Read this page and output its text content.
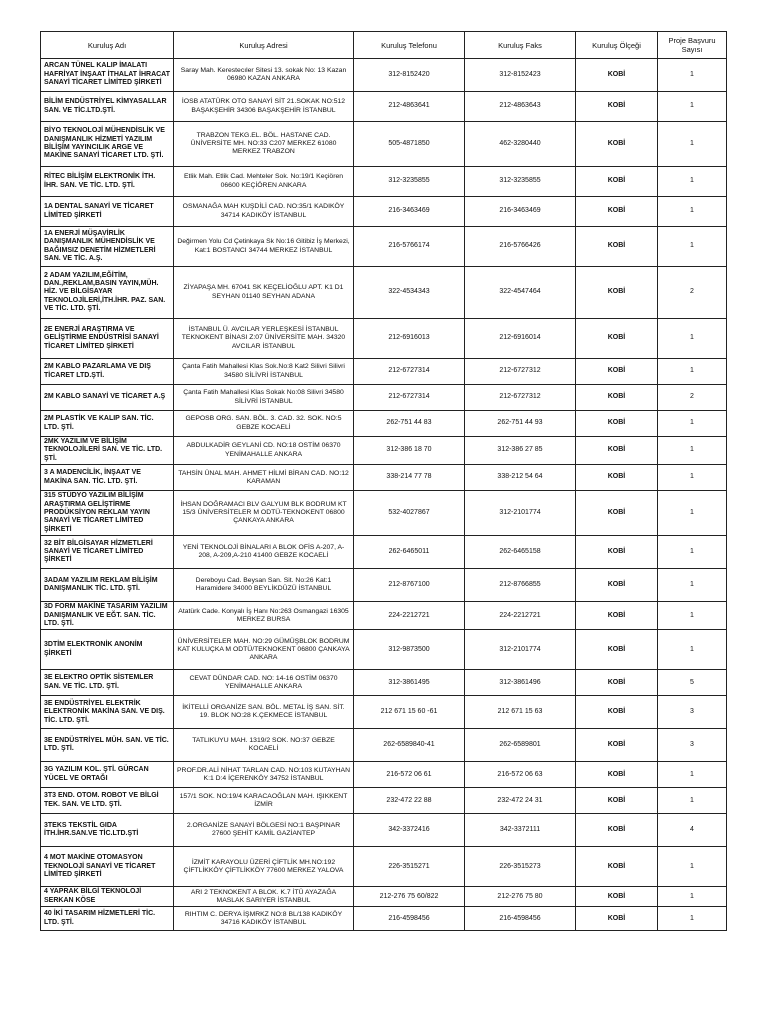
Kuruluş Adı	Kuruluş Adresi	Kuruluş Telefonu	Kuruluş Faks	Kuruluş Ölçeği	Proje Başvuru Sayısı
ARCAN TÜNEL KALIP İMALATI HAFRİYAT İNŞAAT İTHALAT İHRACAT SANAYİ TİCARET LİMİTED ŞİRKETİ	Saray Mah. Kerestecıler Sitesi 13. sokak No: 13 Kazan 06980 KAZAN ANKARA	312-8152420	312-8152423	KOBİ	1
BİLİM ENDÜSTRİYEL KİMYASALLAR SAN. VE TİC.LTD.ŞTİ.	İOSB ATATÜRK OTO SANAYİ SİT 21.SOKAK NO:512 BAŞAKŞEHİR 34306 BAŞAKŞEHİR İSTANBUL	212-4863641	212-4863643	KOBİ	1
BİYO TEKNOLOJİ MÜHENDİSLİK VE DANIŞMANLIK HİZMETİ YAZILIM BİLİŞİM YAYINCILIK ARGE VE MAKİNE SANAYİ TİCARET LTD. ŞTİ.	TRABZON TEKG.EL. BÖL. HASTANE CAD. ÜNİVERSİTE MH. NO:33 C207 MERKEZ 61080 MERKEZ TRABZON	505-4871850	462-3280440	KOBİ	1
RİTEC BİLİŞİM ELEKTRONİK İTH. İHR. SAN. VE TİC. LTD. ŞTİ.	Etlik Mah. Etlik Cad. Mehteler Sok. No:19/1 Keçiören 06600 KEÇİÖREN ANKARA	312-3235855	312-3235855	KOBİ	1
1A DENTAL SANAYİ VE TİCARET LİMİTED ŞİRKETİ	OSMANAĞA MAH KUŞDİLİ CAD. NO:35/1 KADIKÖY 34714 KADIKÖY İSTANBUL	216-3463469	216-3463469	KOBİ	1
1A ENERJİ MÜŞAVİRLİK DANIŞMANLIK MÜHENDİSLİK VE BAĞIMSIZ DENETİM HİZMETLERİ SAN. VE TİC. A.Ş.	Değirmen Yolu Cd Çetinkaya Sk No:16 Gitibiz İş Merkezi, Kat:1 BOSTANCI 34744 MERKEZ İSTANBUL	216-5766174	216-5766426	KOBİ	1
2 ADAM YAZILIM,EĞİTİM, DAN.,REKLAM,BASIN YAYIN,MÜH. HİZ. VE BİLGİSAYAR TEKNOLOJİLERİ,İTH.İHR. PAZ. SAN. VE TİC. LTD. ŞTİ.	ZİYAPAŞA MH. 67041 SK KEÇELİOĞLU APT. K1 D1 SEYHAN 01140 SEYHAN ADANA	322-4534343	322-4547464	KOBİ	2
2E ENERJİ ARAŞTIRMA VE GELİŞTİRME ENDÜSTRİSİ SANAYİ TİCARET LİMİTED ŞİRKETİ	İSTANBUL Ü. AVCILAR YERLEŞKESİ İSTANBUL TEKNOKENT BİNASI Z:07 ÜNİVERSİTE MAH. 34320 AVCILAR İSTANBUL	212-6916013	212-6916014	KOBİ	1
2M KABLO PAZARLAMA VE DIŞ TİCARET LTD.ŞTİ.	Çanta Fatih Mahallesi Klas Sok.No:8 Kat2 Silivri Silivri 34580 SİLİVRİ İSTANBUL	212-6727314	212-6727312	KOBİ	1
2M KABLO SANAYİ VE TİCARET A.Ş	Çanta Fatih Mahallesi Klas Sokak No:08 Silivri 34580 SİLİVRİ İSTANBUL	212-6727314	212-6727312	KOBİ	2
2M PLASTİK VE KALIP SAN. TİC. LTD. ŞTİ.	GEPOSB ORG. SAN. BÖL. 3. CAD. 32. SOK. NO:5 GEBZE KOCAELİ	262-751 44 83	262-751 44 93	KOBİ	1
2MK YAZILIM VE BİLİŞİM TEKNOLOJİLERİ SAN. VE TİC. LTD. ŞTİ.	ABDULKADİR GEYLANİ CD. NO:18 OSTİM 06370 YENİMAHALLE ANKARA	312-386 18 70	312-386 27 85	KOBİ	1
3 A MADENCİLİK, İNŞAAT VE MAKİNA SAN. TİC. LTD. ŞTİ.	TAHSİN ÜNAL MAH. AHMET HİLMİ BİRAN CAD. NO:12 KARAMAN	338-214 77 78	338-212 54 64	KOBİ	1
315 STÜDYO YAZILIM BİLİŞİM ARAŞTIRMA GELİŞTİRME PRODÜKSİYON REKLAM YAYIN SANAYİ VE TİCARET LİMİTED ŞİRKETİ	İHSAN DOĞRAMACI BLV GALYUM BLK BODRUM KT 15/3 ÜNİVERSİTELER M ODTÜ-TEKNOKENT 06800 ÇANKAYA ANKARA	532-4027867	312-2101774	KOBİ	1
32 BİT BİLGİSAYAR HİZMETLERİ SANAYİ VE TİCARET LİMİTED ŞİRKETİ	YENİ TEKNOLOJİ BİNALARI A BLOK OFİS A-207, A-208, A-209,A-210 41400 GEBZE KOCAELİ	262-6465011	262-6465158	KOBİ	1
3ADAM YAZILIM REKLAM BİLİŞİM DANIŞMANLIK TİC. LTD. ŞTİ.	Dereboyu Cad. Beysan San. Sit. No:26 Kat:1 Haramidere 34000 BEYLİKDÜZÜ İSTANBUL	212-8767100	212-8766855	KOBİ	1
3D FORM MAKİNE TASARIM YAZILIM DANIŞMANLIK VE EĞT. SAN. TİC. LTD. ŞTİ.	Atatürk Cade. Konyalı İş Hanı No:263 Osmangazi 16305 MERKEZ BURSA	224-2212721	224-2212721	KOBİ	1
3DTİM ELEKTRONİK ANONİM ŞİRKETİ	ÜNİVERSİTELER MAH. NO:29 GÜMÜŞBLOK BODRUM KAT KULUÇKA M ODTÜ/TEKNOKENT 06800 ÇANKAYA ANKARA	312-9873500	312-2101774	KOBİ	1
3E ELEKTRO OPTİK SİSTEMLER SAN. VE TİC. LTD. ŞTİ.	CEVAT DÜNDAR CAD. NO: 14-16 OSTİM 06370 YENİMAHALLE ANKARA	312-3861495	312-3861496	KOBİ	5
3E ENDÜSTRİYEL ELEKTRİK ELEKTRONİK MAKİNA SAN. VE DIŞ. TİC. LTD. ŞTİ.	İKİTELLİ ORGANİZE SAN. BÖL. METAL İŞ SAN. SİT. 19. BLOK NO:28 K.ÇEKMECE İSTANBUL	212 671 15 60 -61	212 671 15 63	KOBİ	3
3E ENDÜSTRİYEL MÜH. SAN. VE TİC. LTD. ŞTİ.	TATLIKUYU MAH. 1319/2 SOK. NO:37 GEBZE KOCAELİ	262-6589840-41	262-6589801	KOBİ	3
3G YAZILIM KOL. ŞTİ. GÜRCAN YÜCEL VE ORTAĞI	PROF.DR.ALİ NİHAT TARLAN CAD. NO:103 KUTAYHAN K:1 D:4 İÇERENKÖY 34752 İSTANBUL	216-572 06 61	216-572 06 63	KOBİ	1
3T3 END. OTOM. ROBOT VE BİLGİ TEK. SAN. VE LTD. ŞTİ.	157/1 SOK. NO:19/4 KARACAOĞLAN MAH. IŞIKKENT İZMİR	232-472 22 88	232-472 24 31	KOBİ	1
3TEKS TEKSTİL GIDA İTH.İHR.SAN.VE TİC.LTD.ŞTİ	2.ORGANİZE SANAYİ BÖLGESİ NO:1 BAŞPINAR 27600 ŞEHİT KAMİL GAZİANTEP	342-3372416	342-3372111	KOBİ	4
4 MOT MAKİNE OTOMASYON TEKNOLOJİ SANAYİ VE TİCARET LİMİTED ŞİRKETİ	İZMİT KARAYOLU ÜZERİ ÇİFTLİK MH.NO:192 ÇİFTLİKKÖY ÇİFTLİKKÖY 77600 MERKEZ YALOVA	226-3515271	226-3515273	KOBİ	1
4 YAPRAK BİLGİ TEKNOLOJİ SERKAN KÖSE	ARI 2 TEKNOKENT A BLOK. K.7 İTÜ AYAZAĞA MASLAK SARIYER İSTANBUL	212-276 75 60/822	212-276 75 80	KOBİ	1
40 İKİ TASARIM HİZMETLERİ TİC. LTD. ŞTİ.	RIHTIM C. DERYA İŞMRKZ NO:8 BL/138 KADIKÖY 34716 KADIKÖY İSTANBUL	216-4598456	216-4598456	KOBİ	1
